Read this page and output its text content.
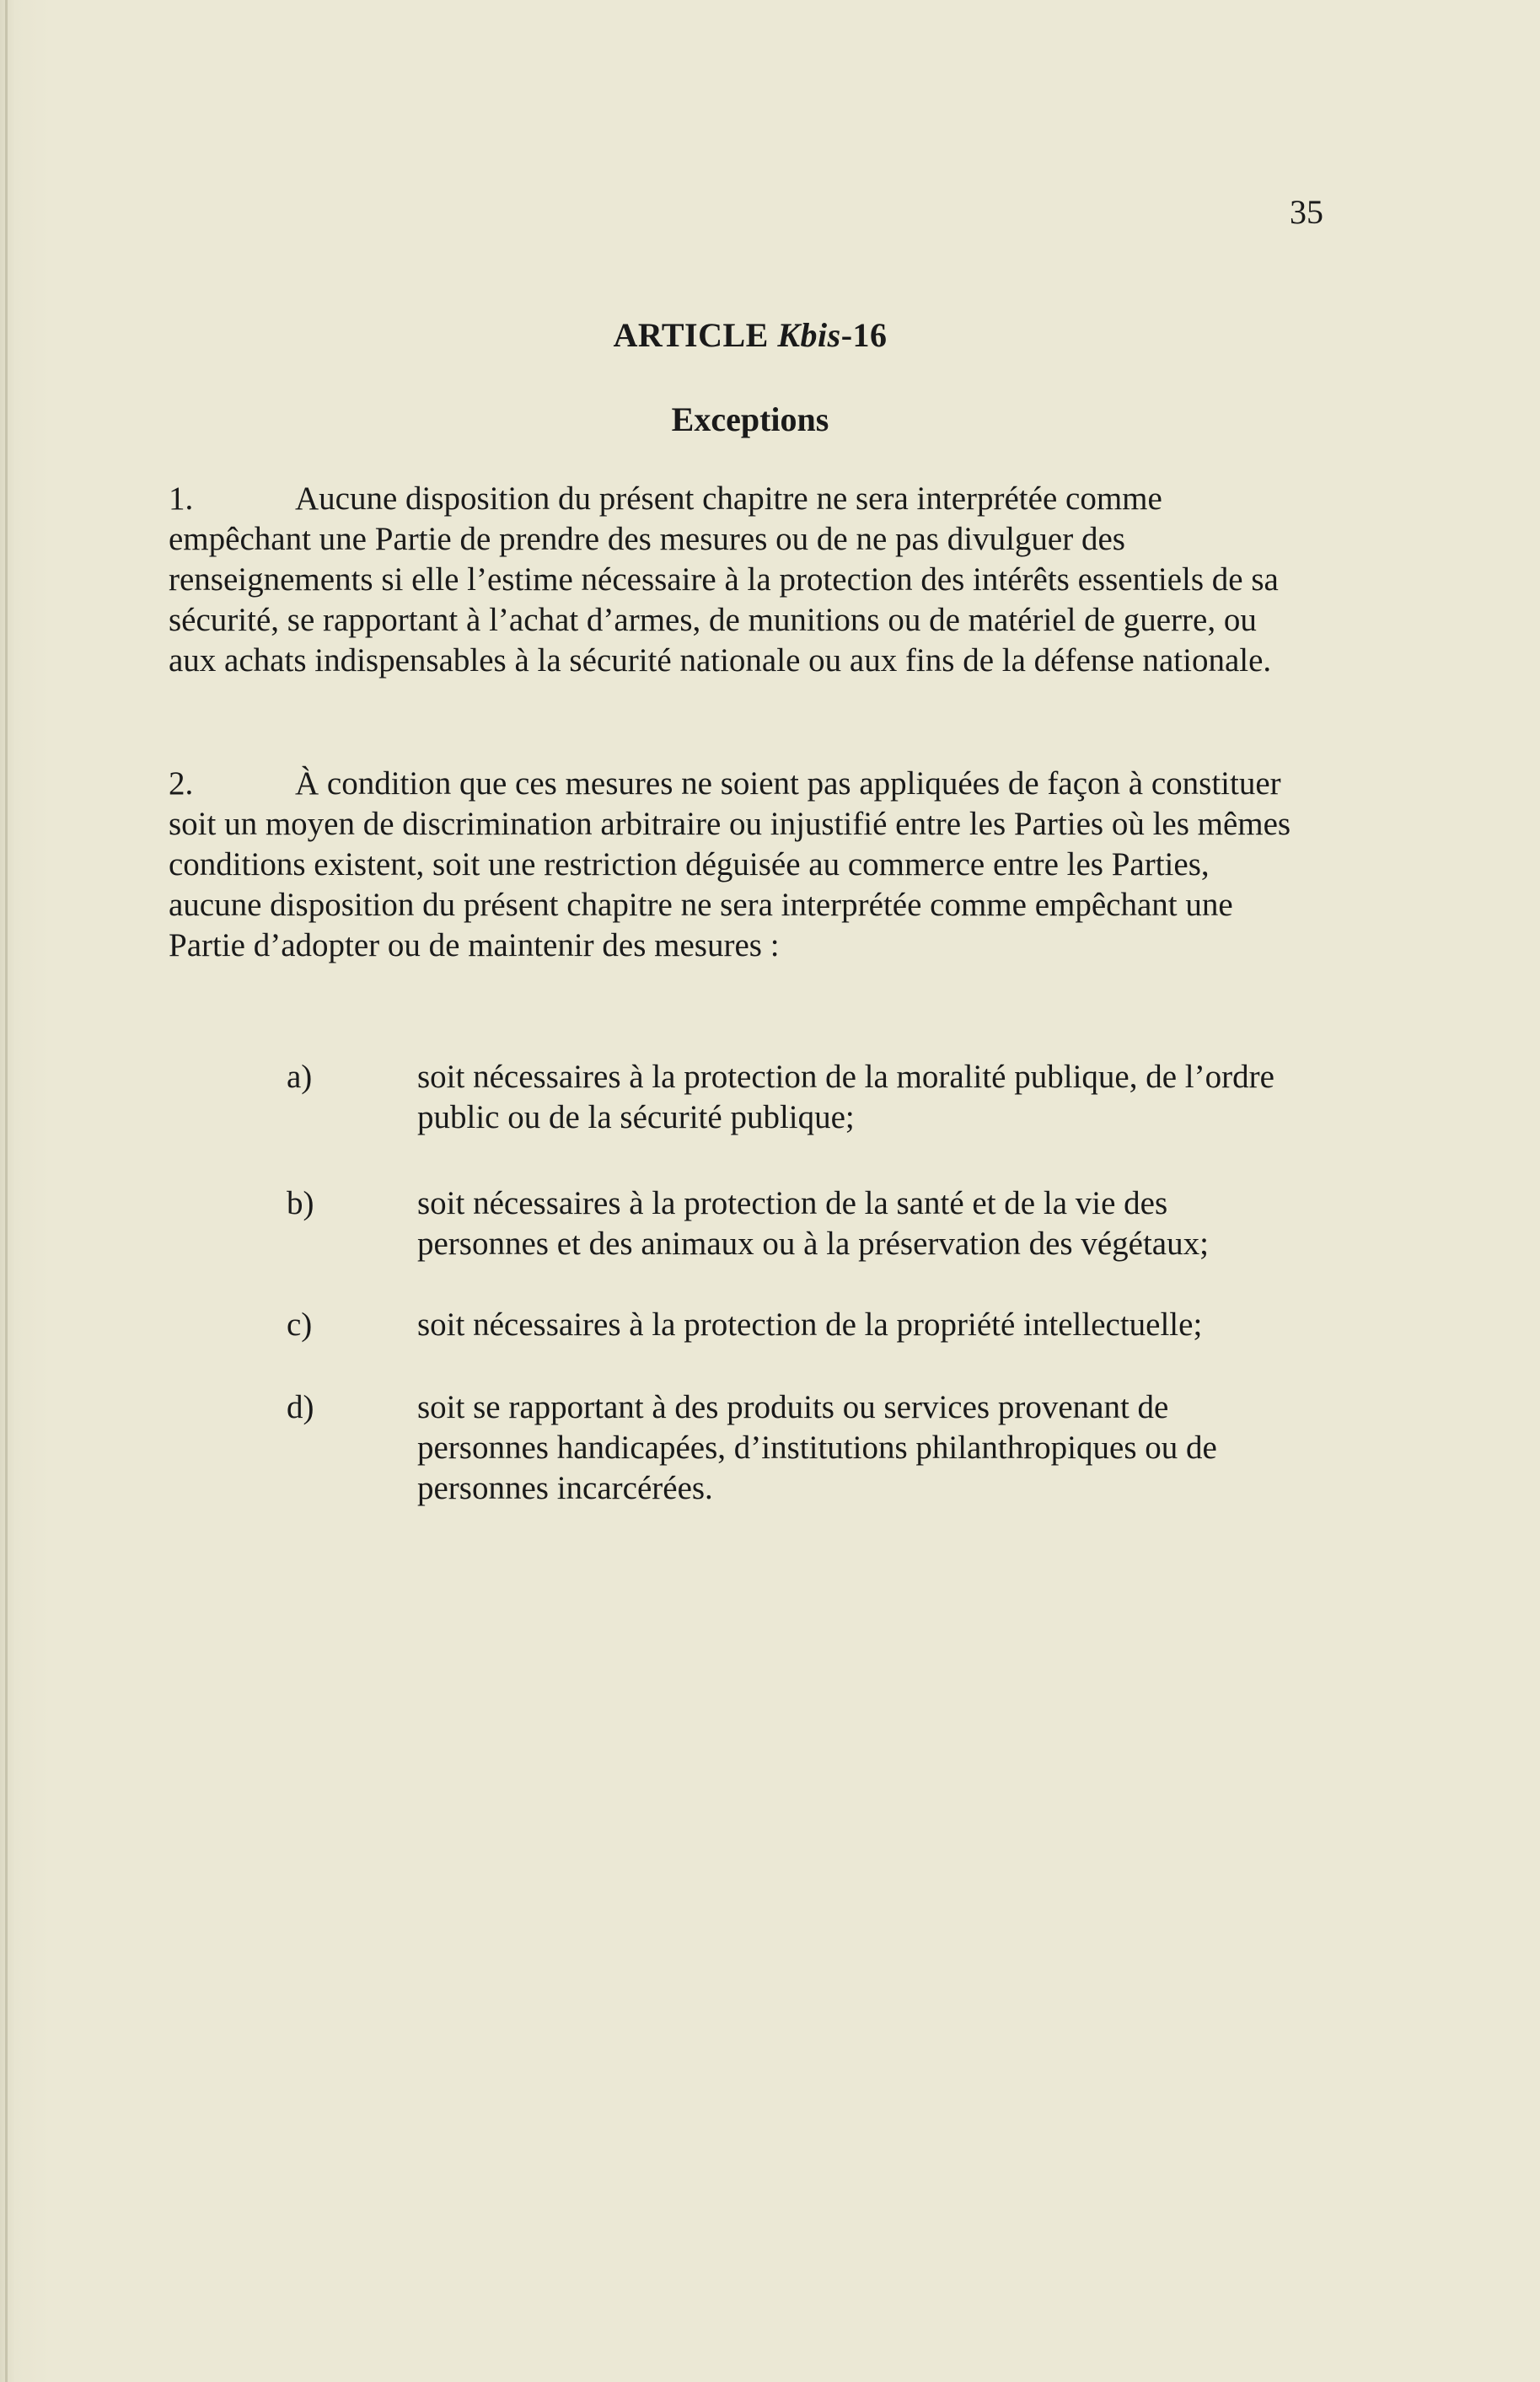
35
ARTICLE Kbis-16
Exceptions
1.	Aucune disposition du présent chapitre ne sera interprétée comme empêchant une Partie de prendre des mesures ou de ne pas divulguer des renseignements si elle l’estime nécessaire à la protection des intérêts essentiels de sa sécurité, se rapportant à l’achat d’armes, de munitions ou de matériel de guerre, ou aux achats indispensables à la sécurité nationale ou aux fins de la défense nationale.
2.	À condition que ces mesures ne soient pas appliquées de façon à constituer soit un moyen de discrimination arbitraire ou injustifié entre les Parties où les mêmes conditions existent, soit une restriction déguisée au commerce entre les Parties, aucune disposition du présent chapitre ne sera interprétée comme empêchant une Partie d’adopter ou de maintenir des mesures :
a)	soit nécessaires à la protection de la moralité publique, de l’ordre public ou de la sécurité publique;
b)	soit nécessaires à la protection de la santé et de la vie des personnes et des animaux ou à la préservation des végétaux;
c)	soit nécessaires à la protection de la propriété intellectuelle;
d)	soit se rapportant à des produits ou services provenant de personnes handicapées, d’institutions philanthropiques ou de personnes incarcérées.
